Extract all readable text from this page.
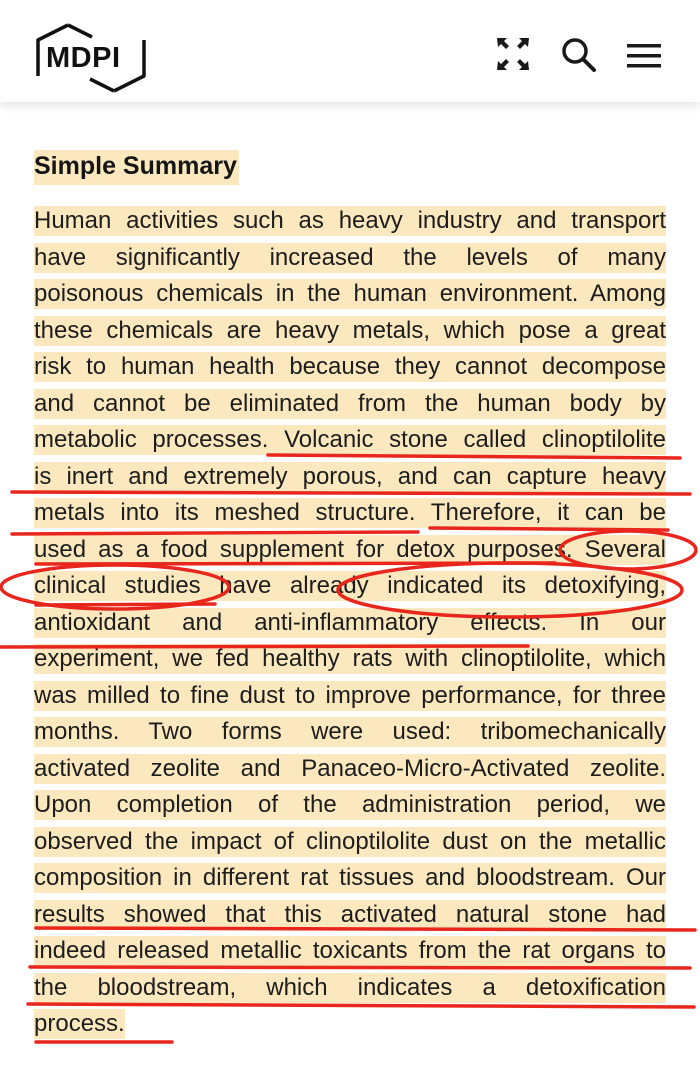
MDPI
Simple Summary
Human activities such as heavy industry and transport
have significantly increased the levels of many
poisonous chemicals in the human environment. Among
these chemicals are heavy metals, which pose a great
risk to human health because they cannot decompose
and cannot be eliminated from the human body by
metabolic processes. Volcanic stone called clinoptilolite
is inert and extremely porous, and can capture heavy
metals into its meshed structure. Therefore, it can be
used as a food supplement for detox purposes. Several
clinical studies have already indicated its detoxifying,
antioxidant and anti-inflammatory effects. In our
experiment, we fed healthy rats with clinoptilolite, which
was milled to fine dust to improve performance, for three
months. Two forms were used: tribomechanically
activated zeolite and Panaceo-Micro-Activated zeolite.
Upon completion of the administration period, we
observed the impact of clinoptilolite dust on the metallic
composition in different rat tissues and bloodstream. Our
results showed that this activated natural stone had
indeed released metallic toxicants from the rat organs to
the bloodstream, which indicates a detoxification
process.
